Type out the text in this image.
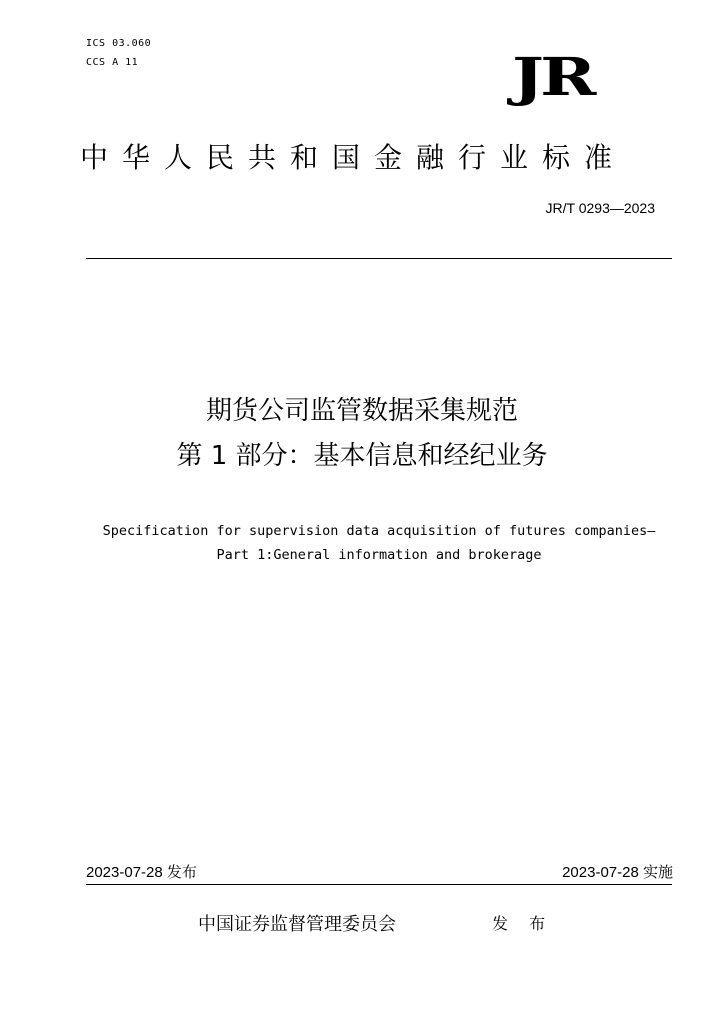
ICS 03.060
CCS A 11	JR
中华人民共和国金融行业标准
JR/T 0293—2023
期货公司监管数据采集规范
第 1 部分：基本信息和经纪业务
Specification for supervision data acquisition of futures companies—
Part 1:General information and brokerage
2023-07-28 发布	2023-07-28 实施
中国证券监督管理委员会	发 布
